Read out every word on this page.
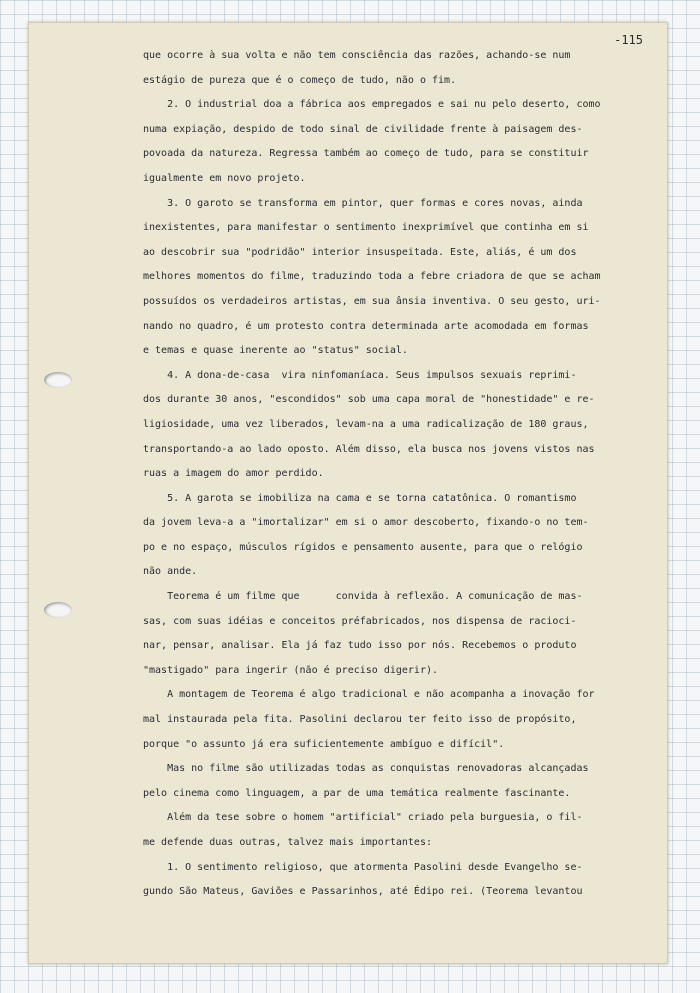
-115

que ocorre à sua volta e não tem consciência das razões, achando-se num

estágio de pureza que é o começo de tudo, não o fim.

2. O industrial doa a fábrica aos empregados e sai nu pelo deserto, como

numa expiação, despido de todo sinal de civilidade frente à paisagem des-

povoada da natureza. Regressa também ao começo de tudo, para se constituir

igualmente em novo projeto.

3. O garoto se transforma em pintor, quer formas e cores novas, ainda

inexistentes, para manifestar o sentimento inexprimível que continha em si

ao descobrir sua "podridão" interior insuspeitada. Este, aliás, é um dos

melhores momentos do filme, traduzindo toda a febre criadora de que se acham

possuídos os verdadeiros artistas, em sua ânsia inventiva. O seu gesto, uri-

nando no quadro, é um protesto contra determinada arte acomodada em formas

e temas e quase inerente ao "status" social.

4. A dona-de-casa  vira ninfomaníaca. Seus impulsos sexuais reprimi-

dos durante 30 anos, "escondidos" sob uma capa moral de "honestidade" e re-

ligiosidade, uma vez liberados, levam-na a uma radicalização de 180 graus,

transportando-a ao lado oposto. Além disso, ela busca nos jovens vistos nas

ruas a imagem do amor perdido.

5. A garota se imobiliza na cama e se torna catatônica. O romantismo

da jovem leva-a a "imortalizar" em si o amor descoberto, fixando-o no tem-

po e no espaço, músculos rígidos e pensamento ausente, para que o relógio

não ande.

Teorema é um filme que      convida à reflexão. A comunicação de mas-

sas, com suas idéias e conceitos préfabricados, nos dispensa de racioci-

nar, pensar, analisar. Ela já faz tudo isso por nós. Recebemos o produto

"mastigado" para ingerir (não é preciso digerir).

A montagem de Teorema é algo tradicional e não acompanha a inovação for

mal instaurada pela fita. Pasolini declarou ter feito isso de propósito,

porque "o assunto já era suficientemente ambíguo e difícil".

Mas no filme são utilizadas todas as conquistas renovadoras alcançadas

pelo cinema como linguagem, a par de uma temática realmente fascinante.

Além da tese sobre o homem "artificial" criado pela burguesia, o fil-

me defende duas outras, talvez mais importantes:

1. O sentimento religioso, que atormenta Pasolini desde Evangelho se-

gundo São Mateus, Gaviões e Passarinhos, até Édipo rei. (Teorema levantou
